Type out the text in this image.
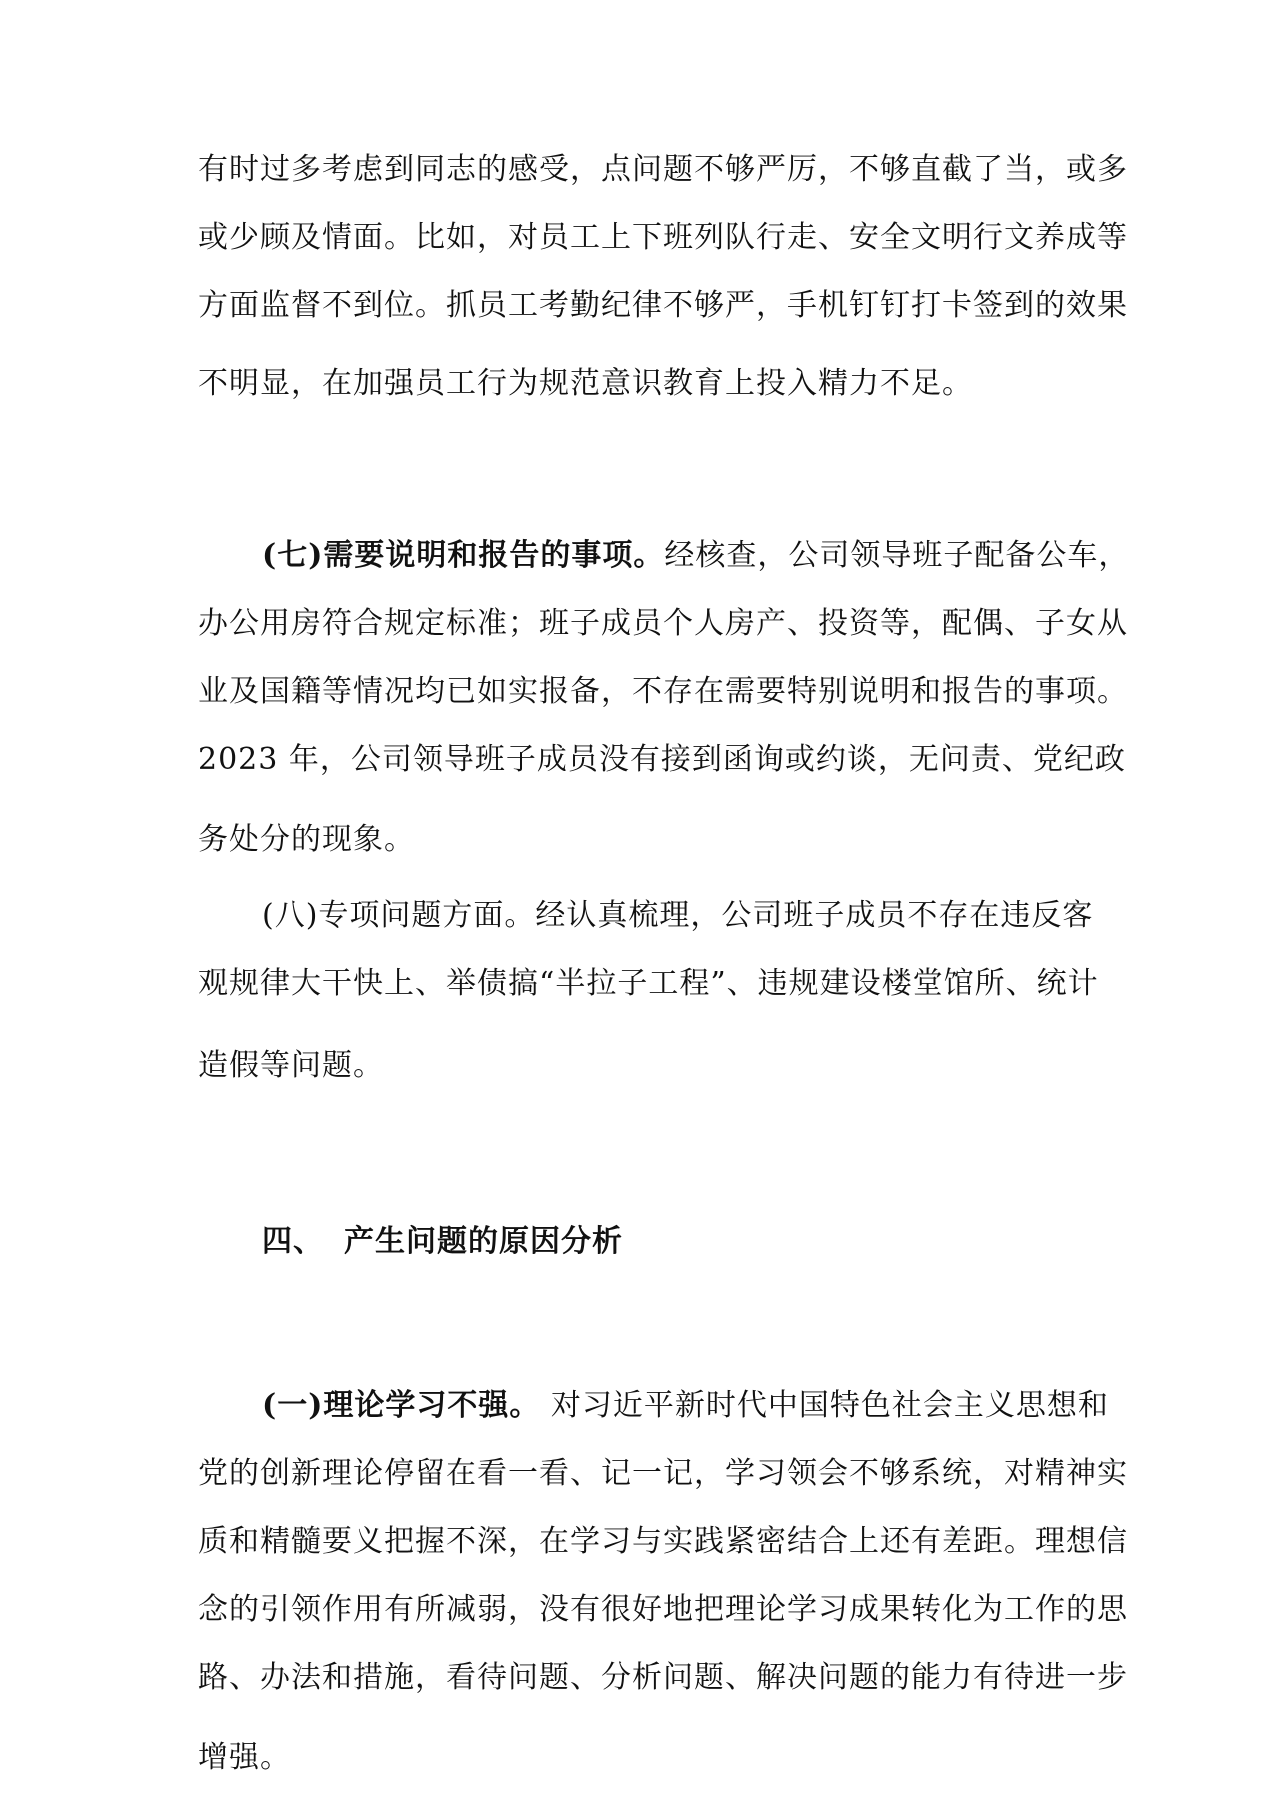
有时过多考虑到同志的感受，点问题不够严厉，不够直截了当，或多
或少顾及情面。比如，对员工上下班列队行走、安全文明行文养成等
方面监督不到位。抓员工考勤纪律不够严，手机钉钉打卡签到的效果
不明显，在加强员工行为规范意识教育上投入精力不足。
(七)需要说明和报告的事项。经核查，公司领导班子配备公车，
办公用房符合规定标准；班子成员个人房产、投资等，配偶、子女从
业及国籍等情况均已如实报备，不存在需要特别说明和报告的事项。
2023 年，公司领导班子成员没有接到函询或约谈，无问责、党纪政
务处分的现象。
(八)专项问题方面。经认真梳理，公司班子成员不存在违反客
观规律大干快上、举债搞“半拉子工程”、违规建设楼堂馆所、统计
造假等问题。
四、 产生问题的原因分析
(一)理论学习不强。 对习近平新时代中国特色社会主义思想和
党的创新理论停留在看一看、记一记，学习领会不够系统，对精神实
质和精髓要义把握不深，在学习与实践紧密结合上还有差距。理想信
念的引领作用有所减弱，没有很好地把理论学习成果转化为工作的思
路、办法和措施，看待问题、分析问题、解决问题的能力有待进一步
增强。
